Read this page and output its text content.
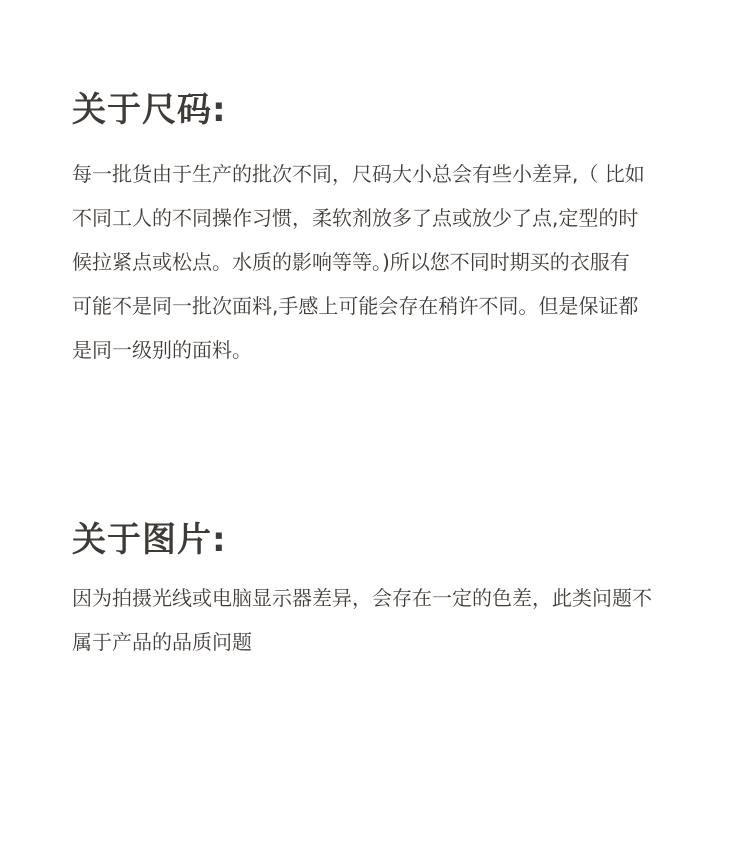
关于尺码:

每一批货由于生产的批次不同，尺码大小总会有些小差异,（ 比如
不同工人的不同操作习惯，柔软剂放多了点或放少了点,定型的时
候拉紧点或松点。水质的影响等等。)所以您不同时期买的衣服有
可能不是同一批次面料,手感上可能会存在稍许不同。但是保证都
是同一级别的面料。

关于图片:

因为拍摄光线或电脑显示器差异，会存在一定的色差，此类问题不
属于产品的品质问题
